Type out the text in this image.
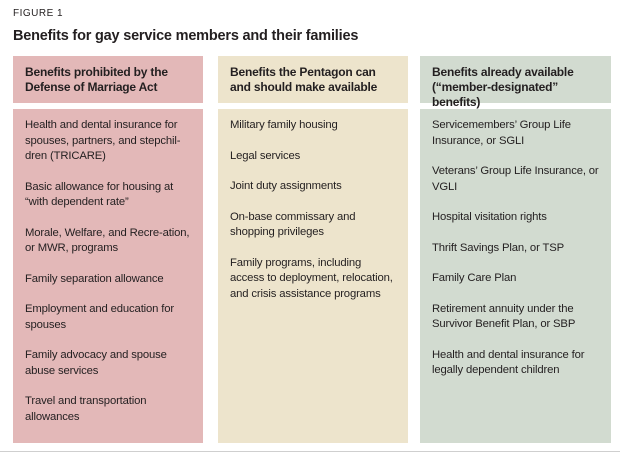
FIGURE 1
Benefits for gay service members and their families
Benefits prohibited by the Defense of Marriage Act
Health and dental insurance for spouses, partners, and stepchil-dren (TRICARE)
Basic allowance for housing at “with dependent rate”
Morale, Welfare, and Recre-ation, or MWR, programs
Family separation allowance
Employment and education for spouses
Family advocacy and spouse abuse services
Travel and transportation allowances
Benefits the Pentagon can and should make available
Military family housing
Legal services
Joint duty assignments
On-base commissary and shopping privileges
Family programs, including access to deployment, relocation, and crisis assistance programs
Benefits already available (“member-designated” benefits)
Servicemembers’ Group Life Insurance, or SGLI
Veterans’ Group Life Insurance, or VGLI
Hospital visitation rights
Thrift Savings Plan, or TSP
Family Care Plan
Retirement annuity under the Survivor Benefit Plan, or SBP
Health and dental insurance for legally dependent children
